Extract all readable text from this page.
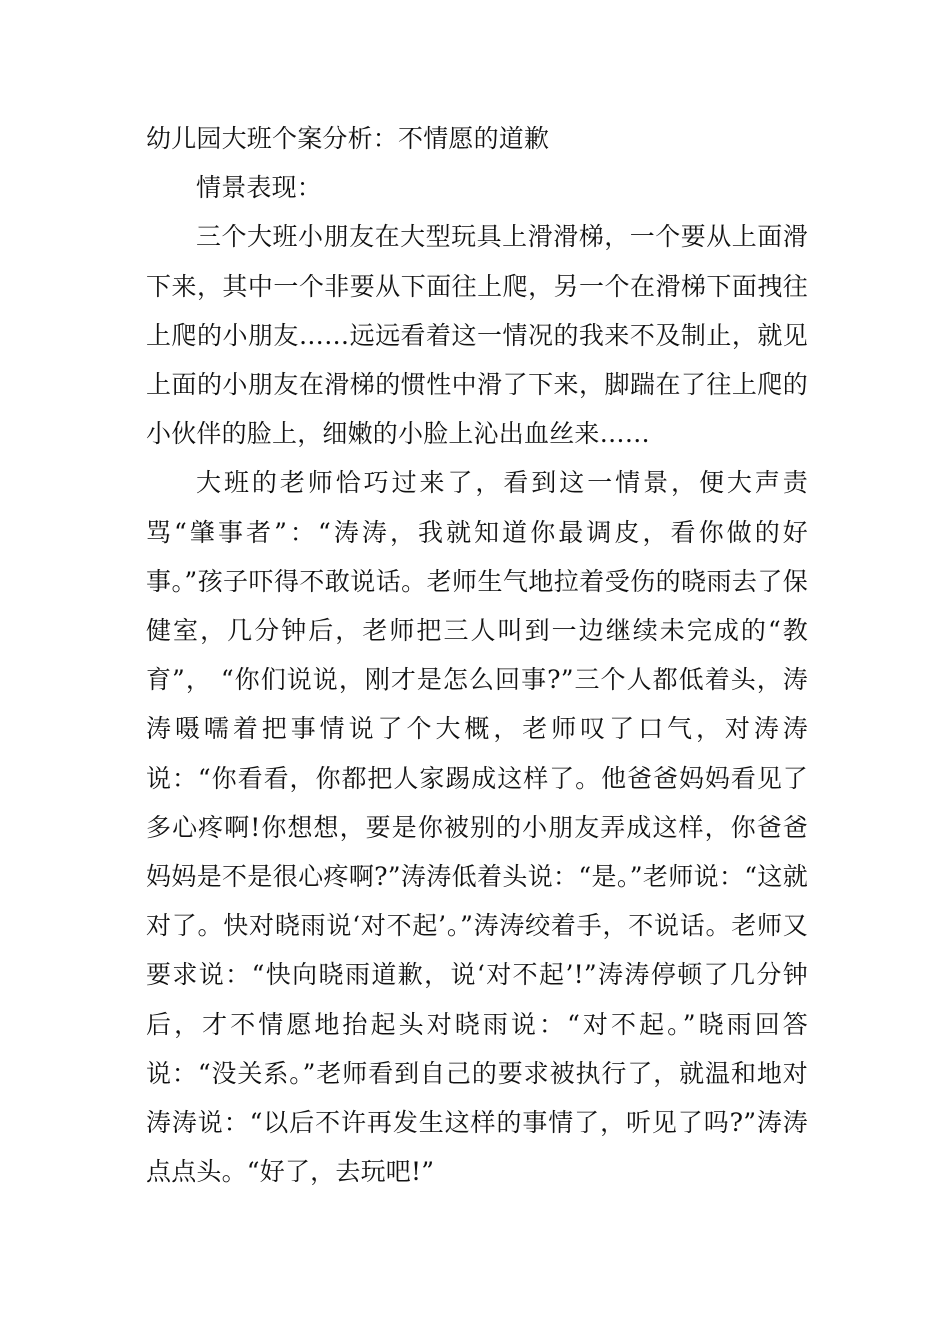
幼儿园大班个案分析：不情愿的道歉
情景表现：

三个大班小朋友在大型玩具上滑滑梯，一个要从上面滑下来，其中一个非要从下面往上爬，另一个在滑梯下面拽往上爬的小朋友……远远看着这一情况的我来不及制止，就见上面的小朋友在滑梯的惯性中滑了下来，脚踹在了往上爬的小伙伴的脸上，细嫩的小脸上沁出血丝来……

大班的老师恰巧过来了，看到这一情景，便大声责骂“肇事者”：“涛涛，我就知道你最调皮，看你做的好事。”孩子吓得不敢说话。老师生气地拉着受伤的晓雨去了保健室，几分钟后，老师把三人叫到一边继续未完成的“教育”， “你们说说，刚才是怎么回事?”三个人都低着头，涛涛嗫嚅着把事情说了个大概，老师叹了口气，对涛涛说：“你看看，你都把人家踢成这样了。他爸爸妈妈看见了多心疼啊!你想想，要是你被别的小朋友弄成这样，你爸爸妈妈是不是很心疼啊?”涛涛低着头说：“是。”老师说：“这就对了。快对晓雨说‘对不起’。”涛涛绞着手，不说话。老师又要求说：“快向晓雨道歉，说‘对不起’!”涛涛停顿了几分钟后，才不情愿地抬起头对晓雨说：“对不起。”晓雨回答说：“没关系。”老师看到自己的要求被执行了，就温和地对涛涛说：“以后不许再发生这样的事情了，听见了吗?”涛涛点点头。“好了，去玩吧!”
